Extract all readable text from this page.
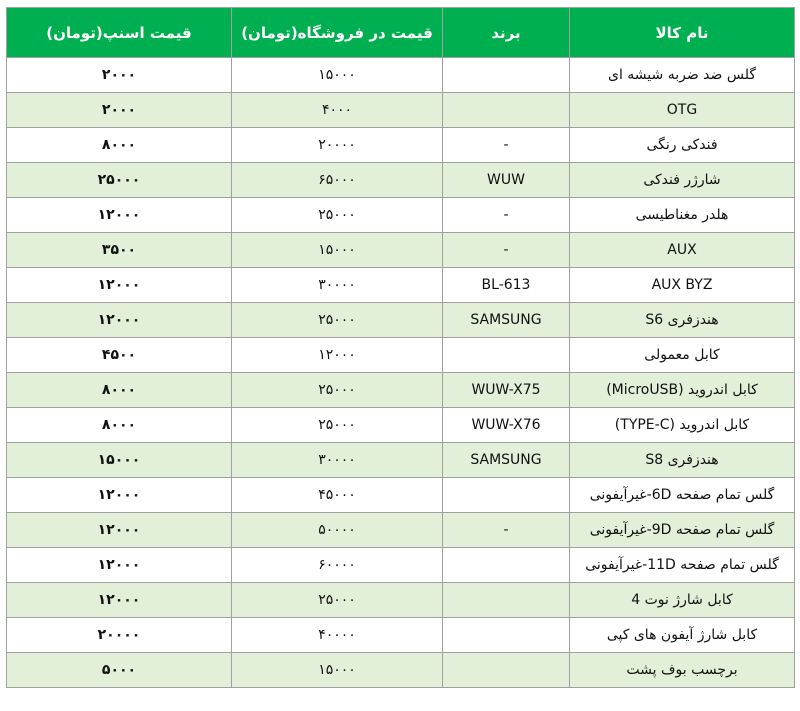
نام کالا	برند	قیمت در فروشگاه(تومان)	قیمت اسنپ(تومان)
گلس ضد ضربه شیشه ای		۱۵۰۰۰	۲۰۰۰
OTG		۴۰۰۰	۲۰۰۰
فندکی رنگی	-	۲۰۰۰۰	۸۰۰۰
شارژر فندکی	WUW	۶۵۰۰۰	۲۵۰۰۰
هلدر مغناطیسی	-	۲۵۰۰۰	۱۲۰۰۰
AUX	-	۱۵۰۰۰	۳۵۰۰
AUX BYZ	BL-613	۳۰۰۰۰	۱۲۰۰۰
هندزفری S6	SAMSUNG	۲۵۰۰۰	۱۲۰۰۰
کابل معمولی		۱۲۰۰۰	۴۵۰۰
کابل اندروید (MicroUSB)	WUW-X75	۲۵۰۰۰	۸۰۰۰
کابل اندروید (TYPE-C)	WUW-X76	۲۵۰۰۰	۸۰۰۰
هندزفری S8	SAMSUNG	۳۰۰۰۰	۱۵۰۰۰
گلس تمام صفحه 6D-غیرآیفونی		۴۵۰۰۰	۱۲۰۰۰
گلس تمام صفحه 9D-غیرآیفونی	-	۵۰۰۰۰	۱۲۰۰۰
گلس تمام صفحه 11D-غیرآیفونی		۶۰۰۰۰	۱۲۰۰۰
کابل شارژ نوت 4		۲۵۰۰۰	۱۲۰۰۰
کابل شارژ آیفون های کپی		۴۰۰۰۰	۲۰۰۰۰
برچسب بوف پشت		۱۵۰۰۰	۵۰۰۰
